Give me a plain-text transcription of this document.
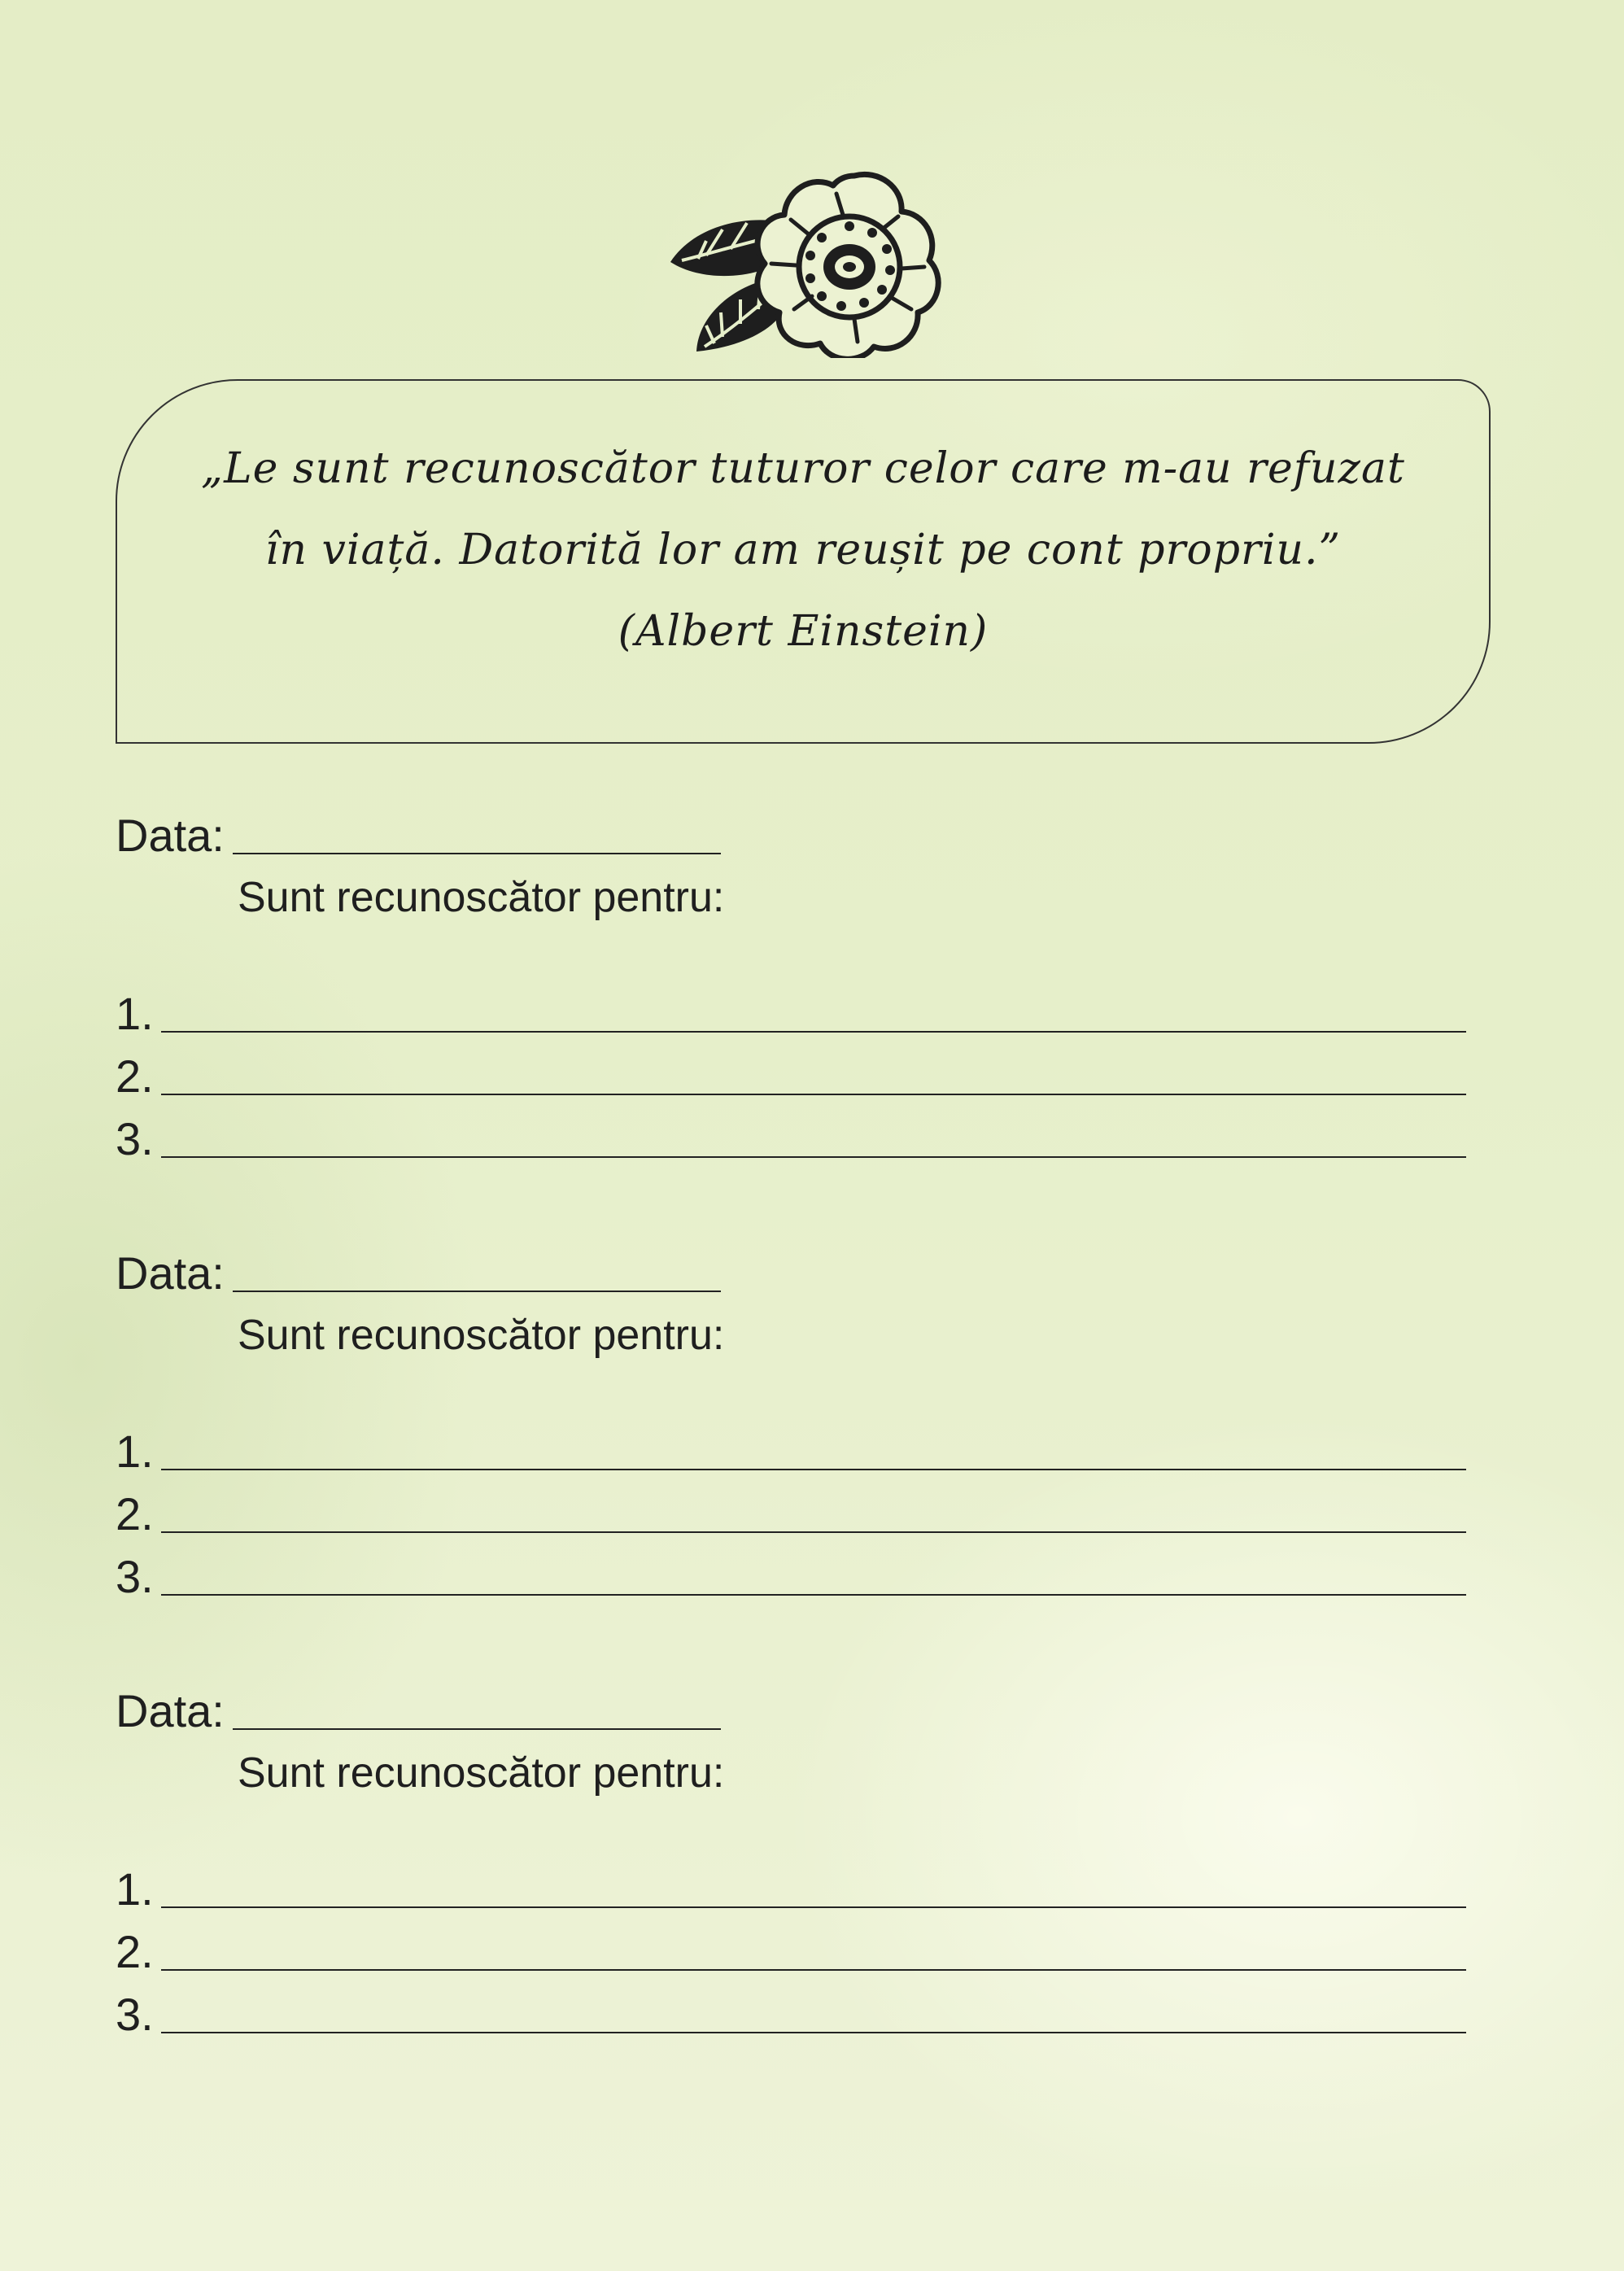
„Le sunt recunoscător tuturor celor care m-au refuzat
în viață. Datorită lor am reușit pe cont propriu.”
(Albert Einstein)
Data:
Sunt recunoscător pentru:
1.
2.
3.
Data:
Sunt recunoscător pentru:
1.
2.
3.
Data:
Sunt recunoscător pentru:
1.
2.
3.
